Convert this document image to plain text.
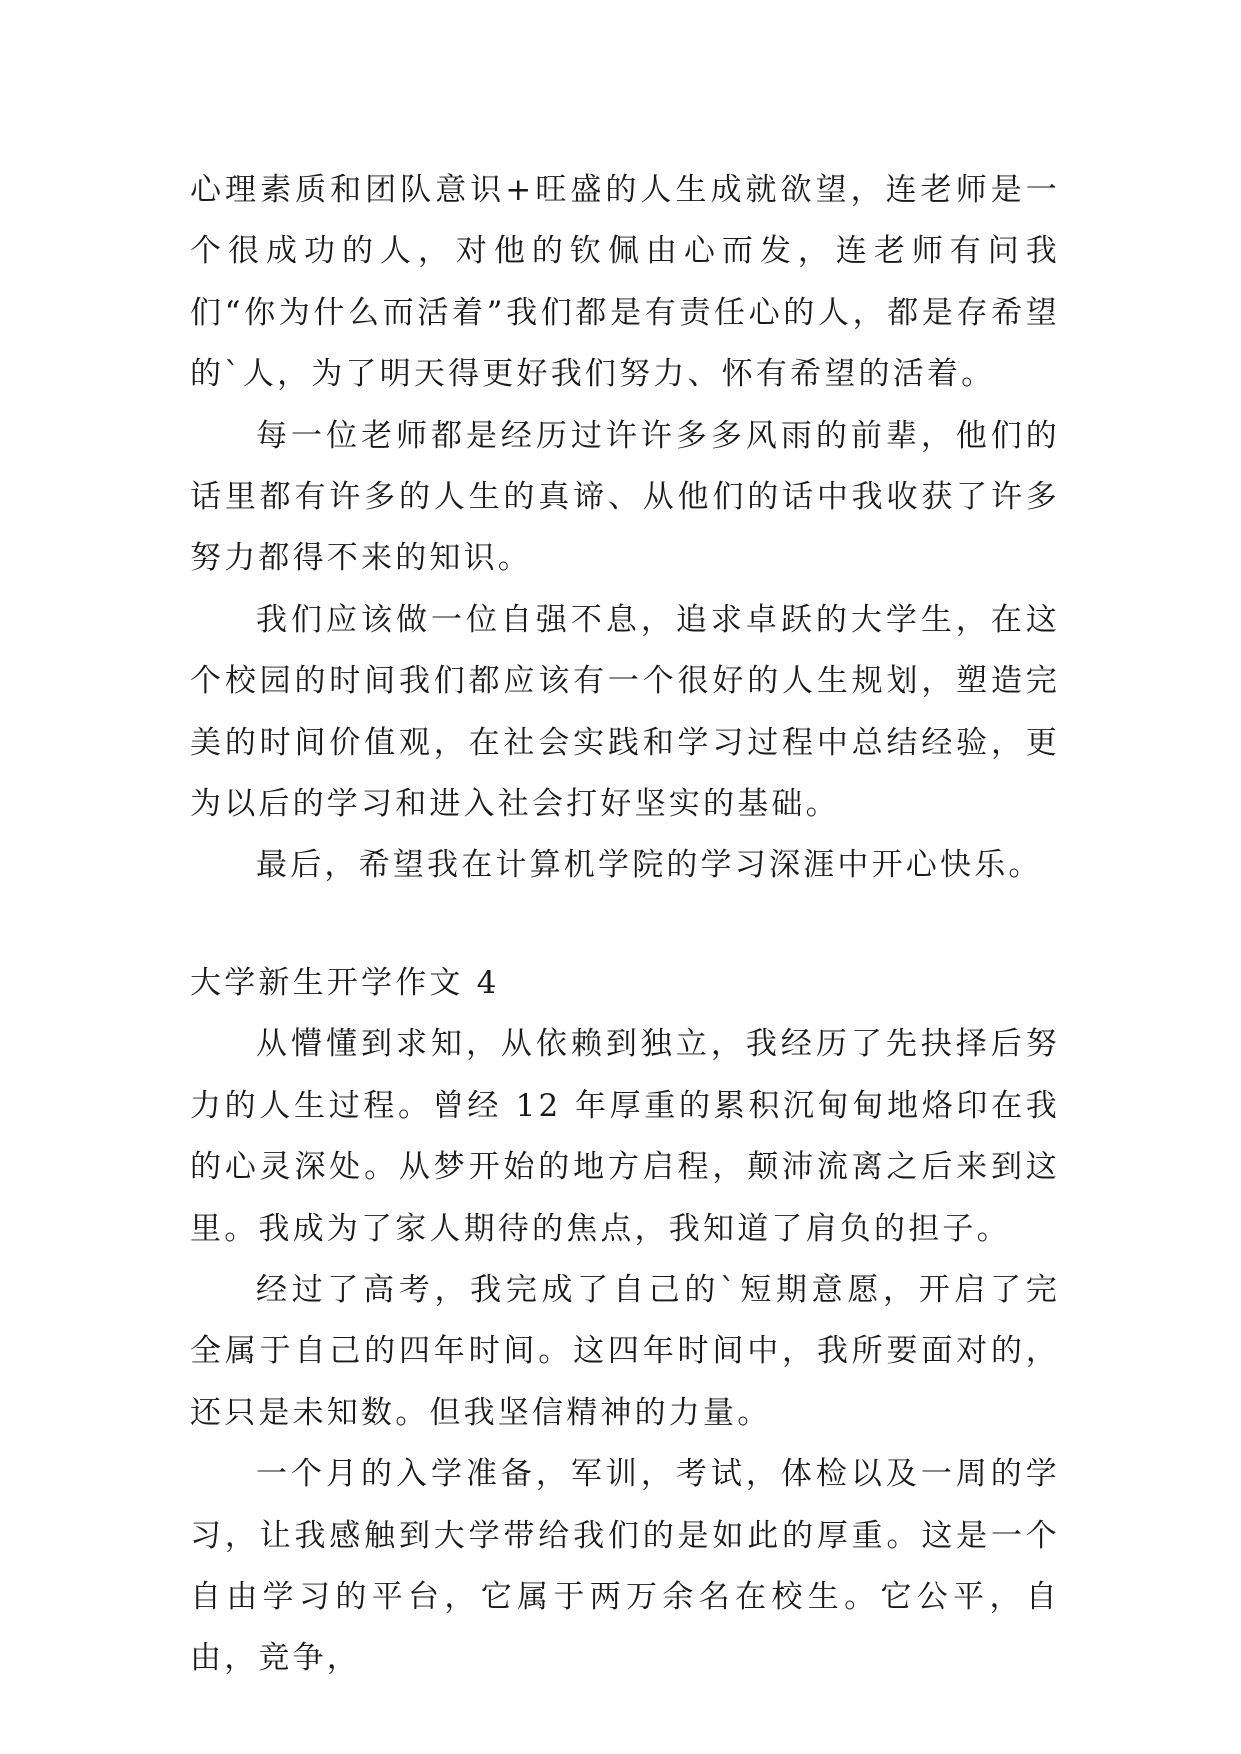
心理素质和团队意识+旺盛的人生成就欲望，连老师是一个很成功的人，对他的钦佩由心而发，连老师有问我们“你为什么而活着”我们都是有责任心的人，都是存希望的`人，为了明天得更好我们努力、怀有希望的活着。

每一位老师都是经历过许许多多风雨的前辈，他们的话里都有许多的人生的真谛、从他们的话中我收获了许多努力都得不来的知识。

我们应该做一位自强不息，追求卓跃的大学生，在这个校园的时间我们都应该有一个很好的人生规划，塑造完美的时间价值观，在社会实践和学习过程中总结经验，更为以后的学习和进入社会打好坚实的基础。

最后，希望我在计算机学院的学习深涯中开心快乐。

大学新生开学作文 4

从懵懂到求知，从依赖到独立，我经历了先抉择后努力的人生过程。曾经 12 年厚重的累积沉甸甸地烙印在我的心灵深处。从梦开始的地方启程，颠沛流离之后来到这里。我成为了家人期待的焦点，我知道了肩负的担子。

经过了高考，我完成了自己的`短期意愿，开启了完全属于自己的四年时间。这四年时间中，我所要面对的，还只是未知数。但我坚信精神的力量。

一个月的入学准备，军训，考试，体检以及一周的学习，让我感触到大学带给我们的是如此的厚重。这是一个自由学习的平台，它属于两万余名在校生。它公平，自由，竞争，
